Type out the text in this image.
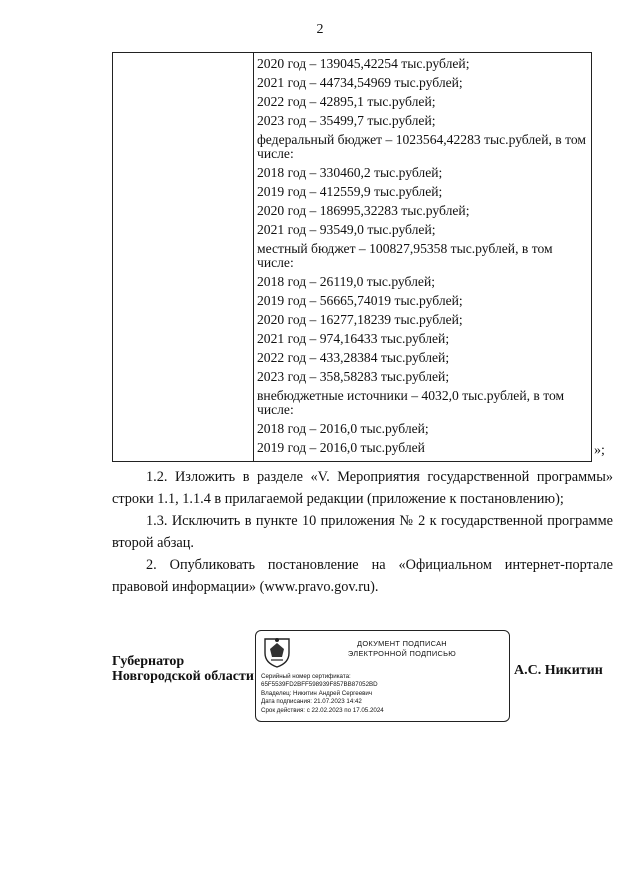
2

2020 год – 139045,42254 тыс.рублей;

2021 год – 44734,54969 тыс.рублей;

2022 год – 42895,1 тыс.рублей;

2023 год – 35499,7 тыс.рублей;

федеральный бюджет – 1023564,42283 тыс.рублей, в том числе:

2018 год – 330460,2 тыс.рублей;

2019 год – 412559,9 тыс.рублей;

2020 год – 186995,32283 тыс.рублей;

2021 год – 93549,0 тыс.рублей;

местный бюджет – 100827,95358 тыс.рублей, в том числе:

2018 год – 26119,0 тыс.рублей;

2019 год – 56665,74019 тыс.рублей;

2020 год – 16277,18239 тыс.рублей;

2021 год – 974,16433 тыс.рублей;

2022 год – 433,28384 тыс.рублей;

2023 год – 358,58283 тыс.рублей;

внебюджетные источники – 4032,0 тыс.рублей, в том числе:

2018 год – 2016,0 тыс.рублей;

2019 год – 2016,0 тыс.рублей	»;

1.2. Изложить в разделе «V. Мероприятия государственной программы» строки 1.1, 1.1.4 в прилагаемой редакции (приложение к постановлению);

1.3. Исключить в пункте 10 приложения № 2 к государственной программе второй абзац.

2. Опубликовать постановление на «Официальном интернет-портале правовой информации» (www.pravo.gov.ru).

Губернатор
Новгородской области
ДОКУМЕНТ ПОДПИСАН
ЭЛЕКТРОННОЙ ПОДПИСЬЮ
Серийный номер сертификата:
65F5539FD2BFF598939F857BB87052BD
Владелец: Никитин Андрей Сергеевич
Дата подписания: 21.07.2023 14:42
Срок действия: с 22.02.2023 по 17.05.2024
А.С. Никитин
